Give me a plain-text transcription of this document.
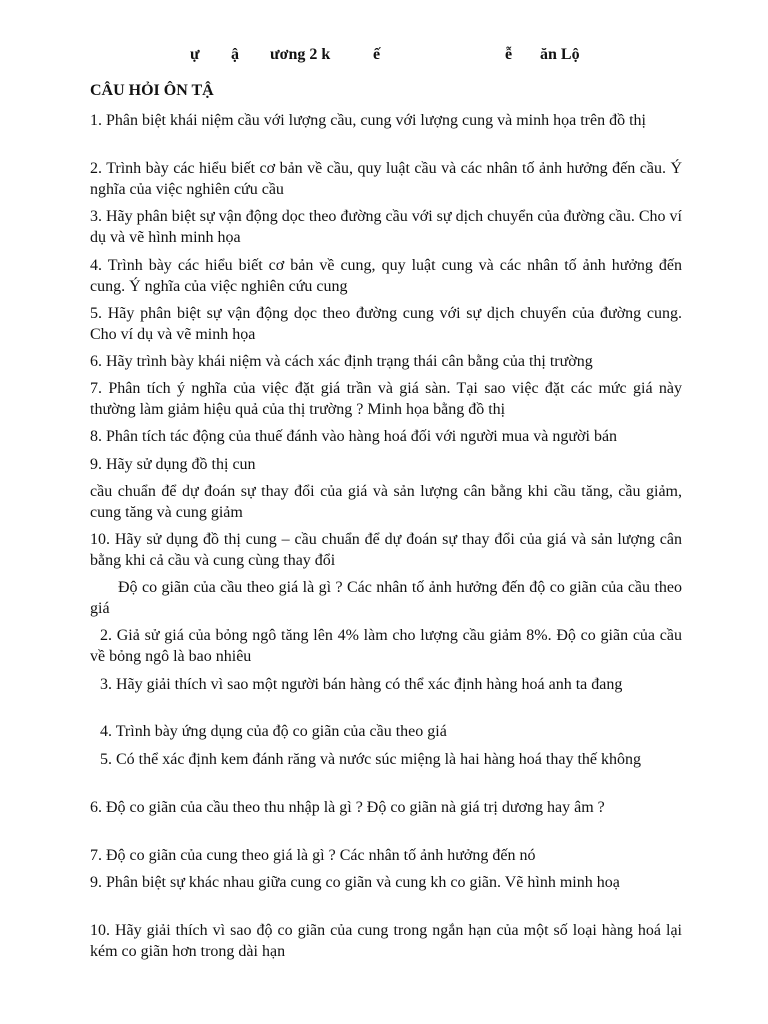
ự ậ ương 2 k	ế	ễ ăn Lộ
CÂU HỎI ÔN TẬ
1. Phân biệt khái niệm cầu với lượng cầu, cung với lượng cung và minh họa trên đồ thị
2. Trình bày các hiểu biết cơ bản về cầu, quy luật cầu và các nhân tố ảnh hưởng đến cầu. Ý nghĩa của việc nghiên cứu cầu
3. Hãy phân biệt sự vận động dọc theo đường cầu với sự dịch chuyển của đường cầu. Cho ví dụ và vẽ hình minh họa
4. Trình bày các hiểu biết cơ bản về cung, quy luật cung và các nhân tố ảnh hưởng đến cung. Ý nghĩa của việc nghiên cứu cung
5. Hãy phân biệt sự vận động dọc theo đường cung với sự dịch chuyển của đường cung. Cho ví dụ và vẽ minh họa
6. Hãy trình bày khái niệm và cách xác định trạng thái cân bằng của thị trường
7. Phân tích ý nghĩa của việc đặt giá trần và giá sàn. Tại sao việc đặt các mức giá này thường làm giảm hiệu quả của thị trường ? Minh họa bằng đồ thị
8. Phân tích tác động của thuế đánh vào hàng hoá đối với người mua và người bán
9. Hãy sử dụng đồ thị cun
cầu chuẩn để dự đoán sự thay đổi của giá và sản lượng cân bằng khi cầu tăng, cầu giảm, cung tăng và cung giảm
10. Hãy sử dụng đồ thị cung – cầu chuẩn để dự đoán sự thay đổi của giá và sản lượng cân bằng khi cả cầu và cung cùng thay đổi
Độ co giãn của cầu theo giá là gì ? Các nhân tố ảnh hưởng đến độ co giãn của cầu theo giá
2. Giả sử giá của bỏng ngô tăng lên 4% làm cho lượng cầu giảm 8%. Độ co giãn của cầu về bỏng ngô là bao nhiêu
3. Hãy giải thích vì sao một người bán hàng có thể xác định hàng hoá anh ta đang
4. Trình bày ứng dụng của độ co giãn của cầu theo giá
5. Có thể xác định kem đánh răng và nước súc miệng là hai hàng hoá thay thế không
6. Độ co giãn của cầu theo thu nhập là gì ? Độ co giãn nà giá trị dương hay âm ?
7. Độ co giãn của cung theo giá là gì ? Các nhân tố ảnh hưởng đến nó
9. Phân biệt sự khác nhau giữa cung co giãn và cung kh co giãn. Vẽ hình minh hoạ
10. Hãy giải thích vì sao độ co giãn của cung trong ngắn hạn của một số loại hàng hoá lại kém co giãn hơn trong dài hạn
